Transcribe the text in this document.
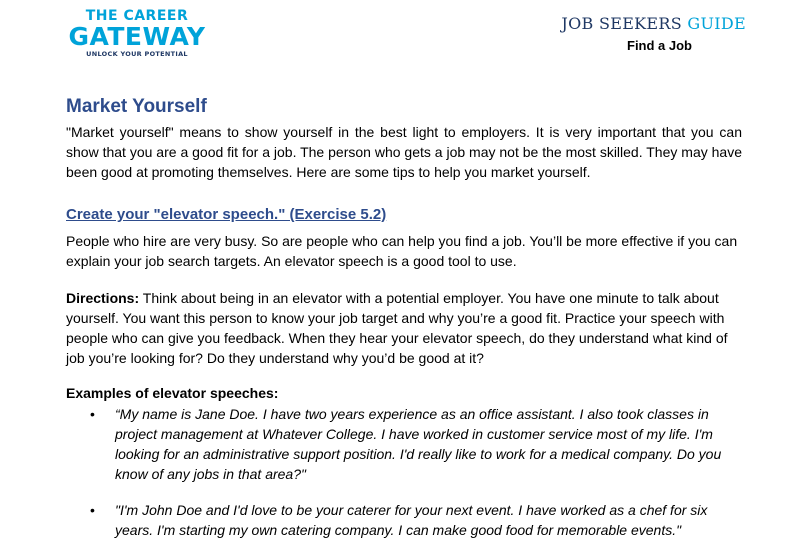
THE CAREER
GATEWAY
UNLOCK YOUR POTENTIAL
JOB SEEKERS GUIDE
Find a Job
Market Yourself
"Market yourself" means to show yourself in the best light to employers. It is very important that you can show that you are a good fit for a job. The person who gets a job may not be the most skilled. They may have been good at promoting themselves. Here are some tips to help you market yourself.
Create your "elevator speech." (Exercise 5.2)
People who hire are very busy. So are people who can help you find a job. You’ll be more effective if you can explain your job search targets. An elevator speech is a good tool to use.
Directions: Think about being in an elevator with a potential employer. You have one minute to talk about yourself. You want this person to know your job target and why you’re a good fit. Practice your speech with people who can give you feedback. When they hear your elevator speech, do they understand what kind of job you’re looking for? Do they understand why you’d be good at it?
Examples of elevator speeches:
• “My name is Jane Doe. I have two years experience as an office assistant. I also took classes in project management at Whatever College. I have worked in customer service most of my life. I'm looking for an administrative support position. I'd really like to work for a medical company. Do you know of any jobs in that area?"
• "I'm John Doe and I'd love to be your caterer for your next event. I have worked as a chef for six years. I'm starting my own catering company. I can make good food for memorable events."
